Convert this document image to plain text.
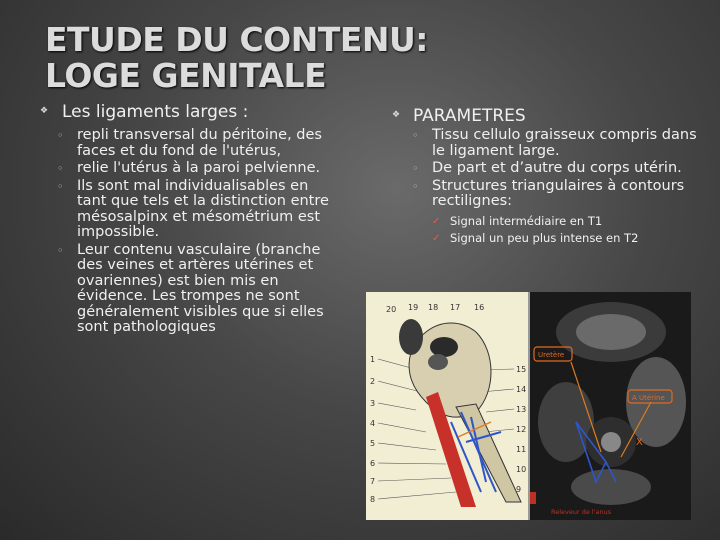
ETUDE DU CONTENU:
LOGE GENITALE
❖ Les ligaments larges :
◦ repli transversal du péritoine, des faces et du fond de l'utérus,
◦ relie l'utérus à la paroi pelvienne.
◦ Ils sont mal individualisables en tant que tels et la distinction entre mésosalpinx et mésométrium est impossible.
◦ Leur contenu vasculaire (branche des veines et artères utérines et ovariennes) est bien mis en évidence. Les trompes ne sont généralement visibles que si elles sont pathologiques
❖ PARAMETRES
◦ Tissu cellulo graisseux compris dans le ligament large.
◦ De part et d’autre du corps utérin.
◦ Structures triangulaires à contours rectilignes:
✓ Signal intermédiaire en T1
✓ Signal un peu plus intense en T2
20 19 18 17 16
1
2
3
4
5
6
7
8
15
14
13
12
11
10
9
Uretère
A Utérine
X
Releveur de l'anus
